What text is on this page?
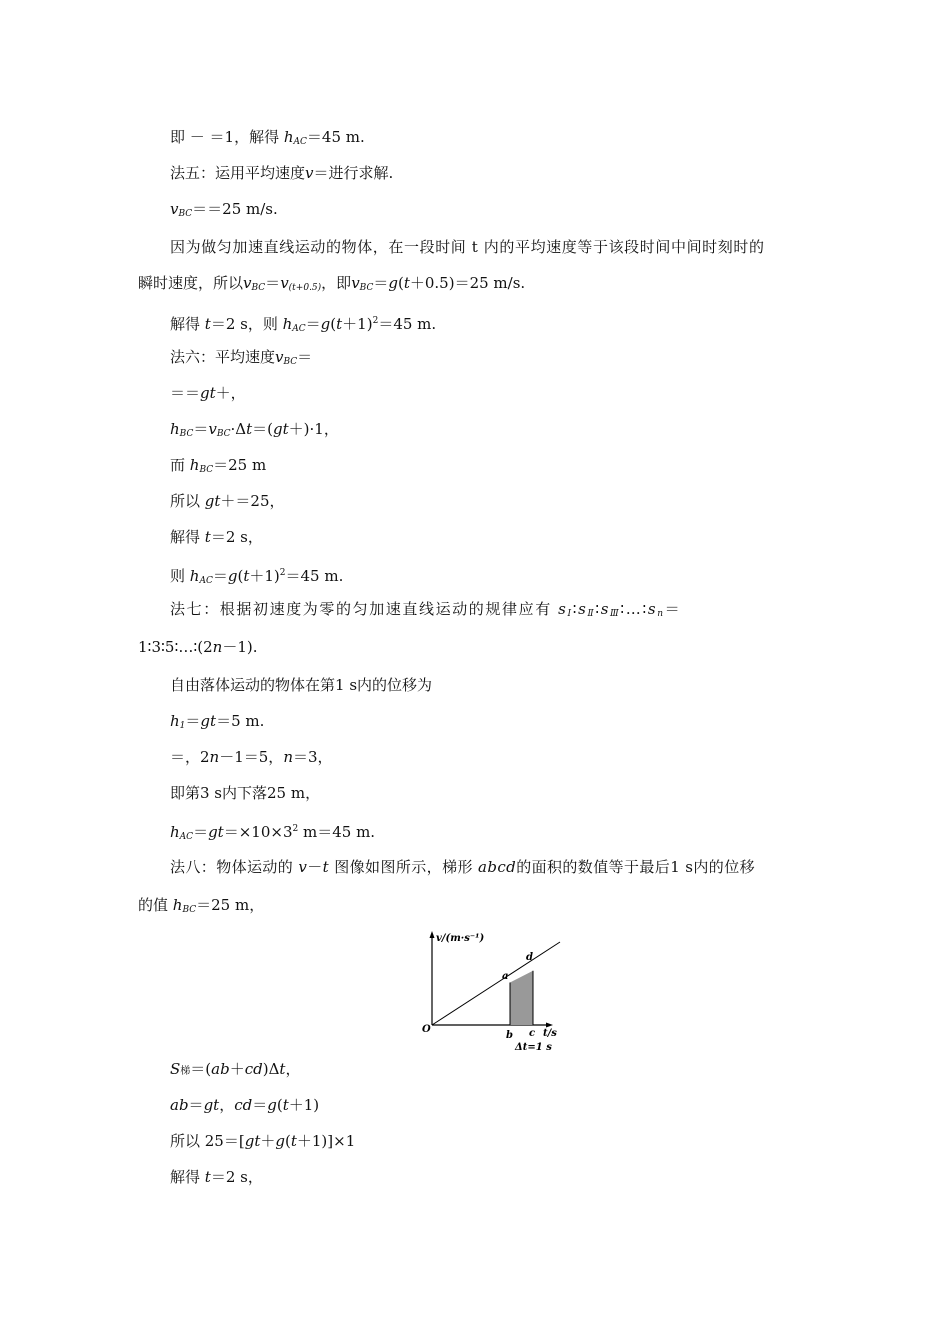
即 － ＝1，解得 $h_{AC}=45$ m.
法五：运用平均速度v＝进行求解.
$v_{BC}==25$ m/s.
因为做匀加速直线运动的物体，在一段时间 t 内的平均速度等于该段时间中间时刻时的
瞬时速度，所以$v_{BC}=v_{(t+0.5)}$，即$v_{BC}=g(t+0.5)=25$ m/s.
解得 t＝2 s，则 $h_{AC}=g(t+1)^2=45$ m.
法六：平均速度$v_{BC}=$
＝＝gt＋，
$h_{BC}=v_{BC}\cdot\Delta t=(gt+)\cdot 1$，
而 $h_{BC}=25$ m
所以 gt＋＝25，
解得 t＝2 s，
则 $h_{AC}=g(t+1)^2=45$ m.
法七：根据初速度为零的匀加速直线运动的规律应有 $s_Ⅰ∶s_Ⅱ∶s_Ⅲ∶\dots∶s_n=$
1∶3∶5∶…∶(2n－1).
自由落体运动的物体在第1 s内的位移为
$h_1=gt=5$ m.
＝，2n－1＝5，n＝3，
即第3 s内下落25 m，
$h_{AC}=gt=\times 10\times 3^2$ m＝45 m.
法八：物体运动的 v－t 图像如图所示，梯形 abcd的面积的数值等于最后1 s内的位移
的值 $h_{BC}=25$ m，
v/(m·s⁻¹)
O
a
d
b c t/s
Δt=1 s
S梯＝(ab＋cd)Δt，
ab＝gt，cd＝g(t＋1)
所以 25＝[gt＋g(t＋1)]×1
解得 t＝2 s，
